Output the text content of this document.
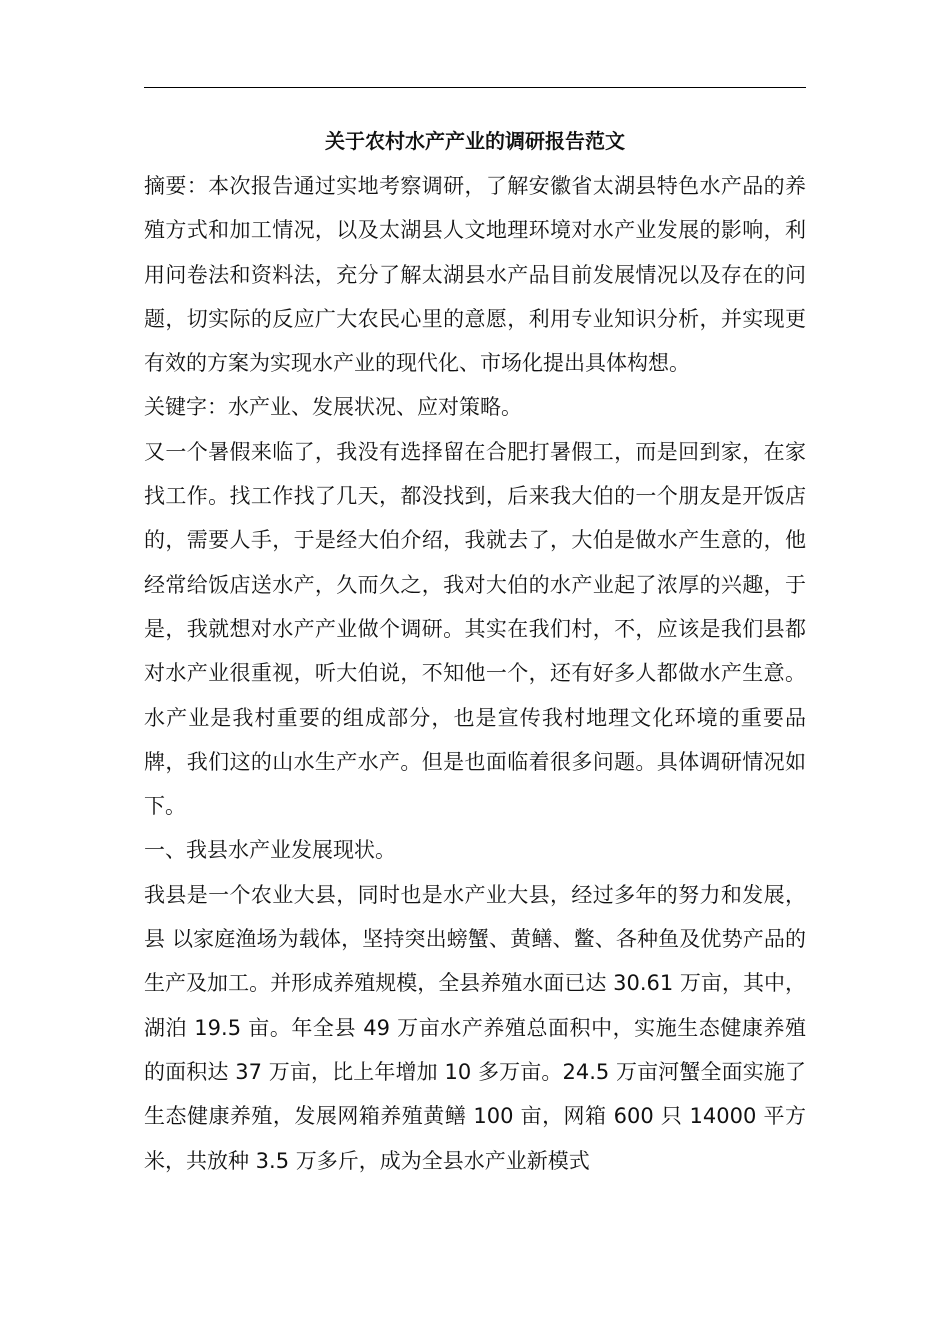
关于农村水产产业的调研报告范文

摘要：本次报告通过实地考察调研，了解安徽省太湖县特色水产品的养殖方式和加工情况，以及太湖县人文地理环境对水产业发展的影响，利用问卷法和资料法，充分了解太湖县水产品目前发展情况以及存在的问题，切实际的反应广大农民心里的意愿，利用专业知识分析，并实现更有效的方案为实现水产业的现代化、市场化提出具体构想。

关键字：水产业、发展状况、应对策略。

又一个暑假来临了，我没有选择留在合肥打暑假工，而是回到家，在家找工作。找工作找了几天，都没找到，后来我大伯的一个朋友是开饭店的，需要人手，于是经大伯介绍，我就去了，大伯是做水产生意的，他经常给饭店送水产，久而久之，我对大伯的水产业起了浓厚的兴趣，于是，我就想对水产产业做个调研。其实在我们村，不，应该是我们县都对水产业很重视，听大伯说，不知他一个，还有好多人都做水产生意。水产业是我村重要的组成部分，也是宣传我村地理文化环境的重要品牌，我们这的山水生产水产。但是也面临着很多问题。具体调研情况如下。

一、我县水产业发展现状。

我县是一个农业大县，同时也是水产业大县，经过多年的努力和发展，县 以家庭渔场为载体，坚持突出螃蟹、黄鳝、鳖、各种鱼及优势产品的生产及加工。并形成养殖规模，全县养殖水面已达 30.61 万亩，其中，湖泊 19.5 亩。年全县 49 万亩水产养殖总面积中，实施生态健康养殖的面积达 37 万亩，比上年增加 10 多万亩。24.5 万亩河蟹全面实施了生态健康养殖，发展网箱养殖黄鳝 100 亩，网箱 600 只 14000 平方米，共放种 3.5 万多斤，成为全县水产业新模式
